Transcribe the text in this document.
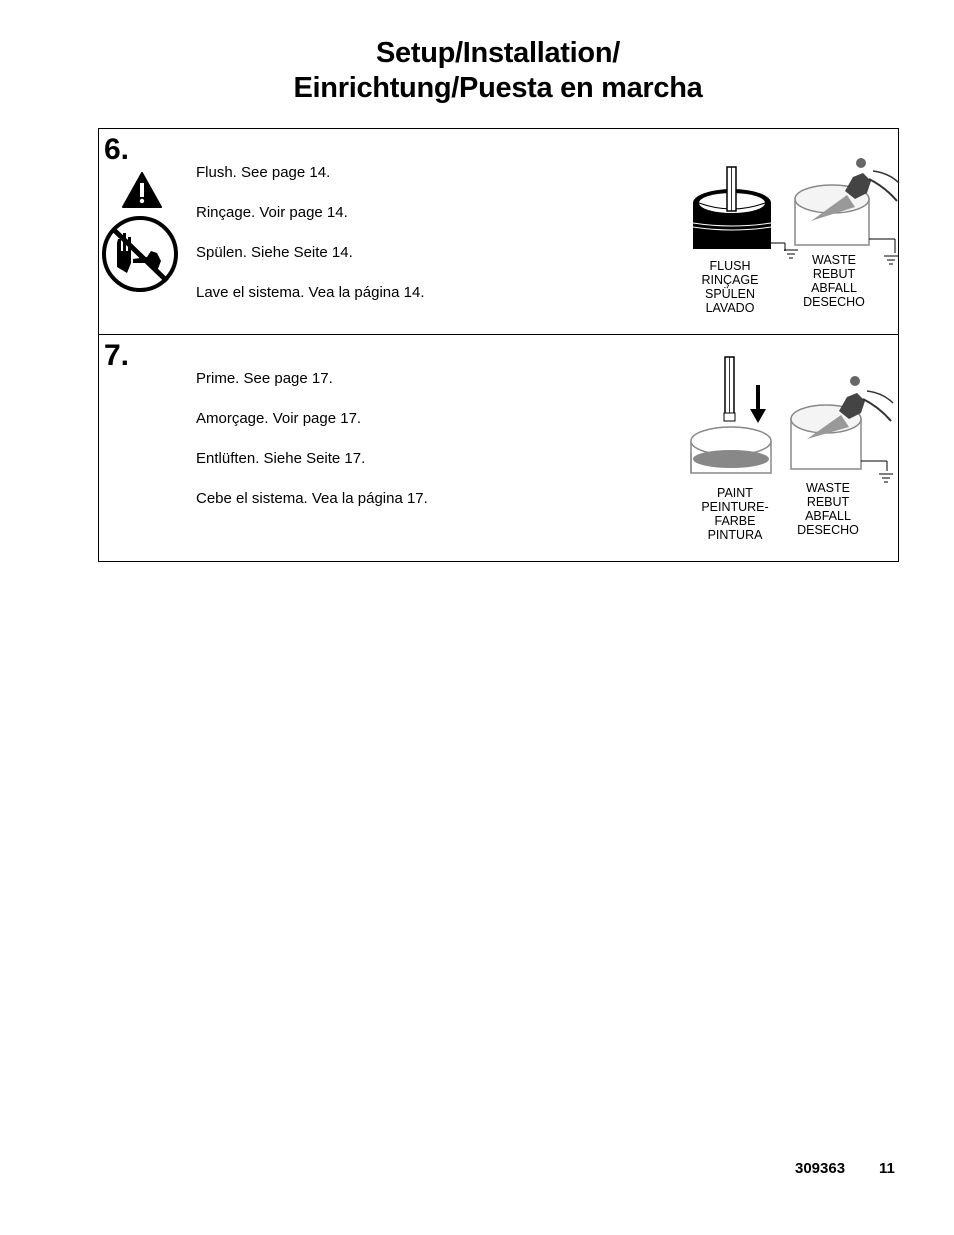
Setup/Installation/
Einrichtung/Puesta en marcha
6.

Flush. See page 14.

Rinçage. Voir page 14.

Spülen. Siehe Seite 14.

Lave el sistema. Vea la página 14.

FLUSH
RINÇAGE
SPÜLEN
LAVADO
WASTE
REBUT
ABFALL
DESECHO
7.

Prime. See page 17.

Amorçage. Voir page 17.

Entlüften. Siehe Seite 17.

Cebe el sistema. Vea la página 17.	PAINT
PEINTURE-
FARBE
PINTURA
WASTE
REBUT
ABFALL
DESECHO
309363 11
